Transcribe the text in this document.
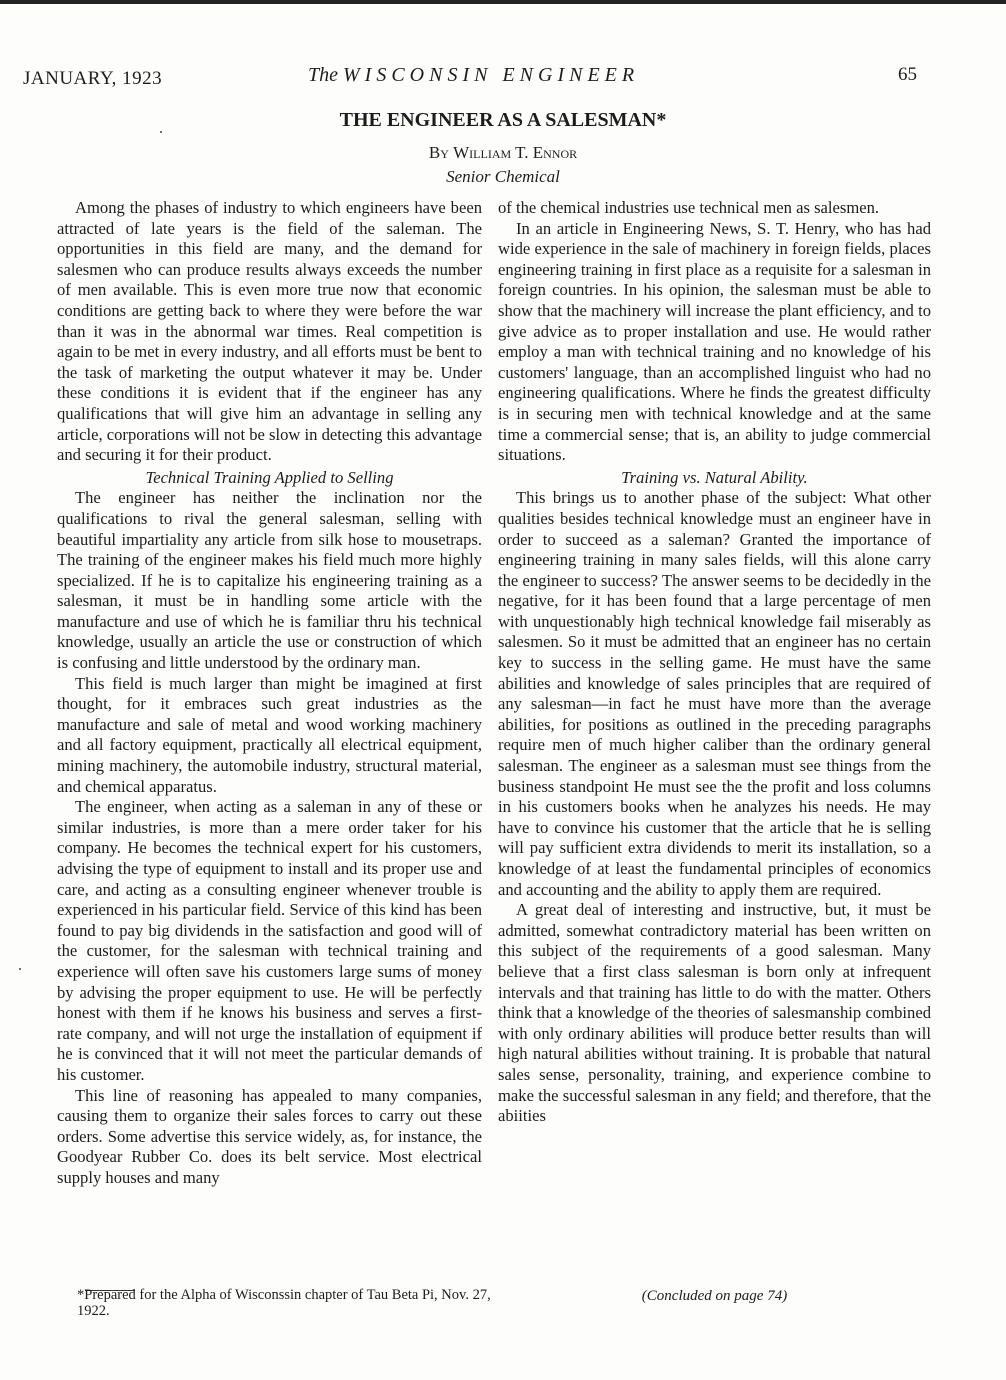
JANUARY, 1923	The WISCONSIN ENGINEER	65
THE ENGINEER AS A SALESMAN*
By William T. Ennor
Senior Chemical

Among the phases of industry to which engineers have been attracted of late years is the field of the saleman. The opportunities in this field are many, and the demand for salesmen who can produce results always exceeds the number of men available. This is even more true now that economic conditions are getting back to where they were before the war than it was in the abnormal war times. Real competition is again to be met in every industry, and all efforts must be bent to the task of marketing the output whatever it may be. Under these conditions it is evident that if the engineer has any qualifications that will give him an advantage in selling any article, corporations will not be slow in detecting this advantage and securing it for their product.

Technical Training Applied to Selling

The engineer has neither the inclination nor the qualifications to rival the general salesman, selling with beautiful impartiality any article from silk hose to mousetraps. The training of the engineer makes his field much more highly specialized. If he is to capitalize his engineering training as a salesman, it must be in handling some article with the manufacture and use of which he is familiar thru his technical knowledge, usually an article the use or construction of which is confusing and little understood by the ordinary man.

This field is much larger than might be imagined at first thought, for it embraces such great industries as the manufacture and sale of metal and wood working machinery and all factory equipment, practically all electrical equipment, mining machinery, the automobile industry, structural material, and chemical apparatus.

The engineer, when acting as a saleman in any of these or similar industries, is more than a mere order taker for his company. He becomes the technical expert for his customers, advising the type of equipment to install and its proper use and care, and acting as a consulting engineer whenever trouble is experienced in his particular field. Service of this kind has been found to pay big dividends in the satisfaction and good will of the customer, for the salesman with technical training and experience will often save his customers large sums of money by advising the proper equipment to use. He will be perfectly honest with them if he knows his business and serves a first-rate company, and will not urge the installation of equipment if he is convinced that it will not meet the particular demands of his customer.

This line of reasoning has appealed to many companies, causing them to organize their sales forces to carry out these orders. Some advertise this service widely, as, for instance, the Goodyear Rubber Co. does its belt service. Most electrical supply houses and many

of the chemical industries use technical men as salesmen.

In an article in Engineering News, S. T. Henry, who has had wide experience in the sale of machinery in foreign fields, places engineering training in first place as a requisite for a salesman in foreign countries. In his opinion, the salesman must be able to show that the machinery will increase the plant efficiency, and to give advice as to proper installation and use. He would rather employ a man with technical training and no knowledge of his customers' language, than an accomplished linguist who had no engineering qualifications. Where he finds the greatest difficulty is in securing men with technical knowledge and at the same time a commercial sense; that is, an ability to judge commercial situations.

Training vs. Natural Ability.

This brings us to another phase of the subject: What other qualities besides technical knowledge must an engineer have in order to succeed as a saleman? Granted the importance of engineering training in many sales fields, will this alone carry the engineer to success? The answer seems to be decidedly in the negative, for it has been found that a large percentage of men with unquestionably high technical knowledge fail miserably as salesmen. So it must be admitted that an engineer has no certain key to success in the selling game. He must have the same abilities and knowledge of sales principles that are required of any salesman—in fact he must have more than the average abilities, for positions as outlined in the preceding paragraphs require men of much higher caliber than the ordinary general salesman. The engineer as a salesman must see things from the business standpoint He must see the the profit and loss columns in his customers books when he analyzes his needs. He may have to convince his customer that the article that he is selling will pay sufficient extra dividends to merit its installation, so a knowledge of at least the fundamental principles of economics and accounting and the ability to apply them are required.

A great deal of interesting and instructive, but, it must be admitted, somewhat contradictory material has been written on this subject of the requirements of a good salesman. Many believe that a first class salesman is born only at infrequent intervals and that training has little to do with the matter. Others think that a knowledge of the theories of salesmanship combined with only ordinary abilities will produce better results than will high natural abilities without training. It is probable that natural sales sense, personality, training, and experience combine to make the successful salesman in any field; and therefore, that the abiities

*Prepared for the Alpha of Wisconssin chapter of Tau Beta Pi, Nov. 27, 1922.
(Concluded on page 74)
